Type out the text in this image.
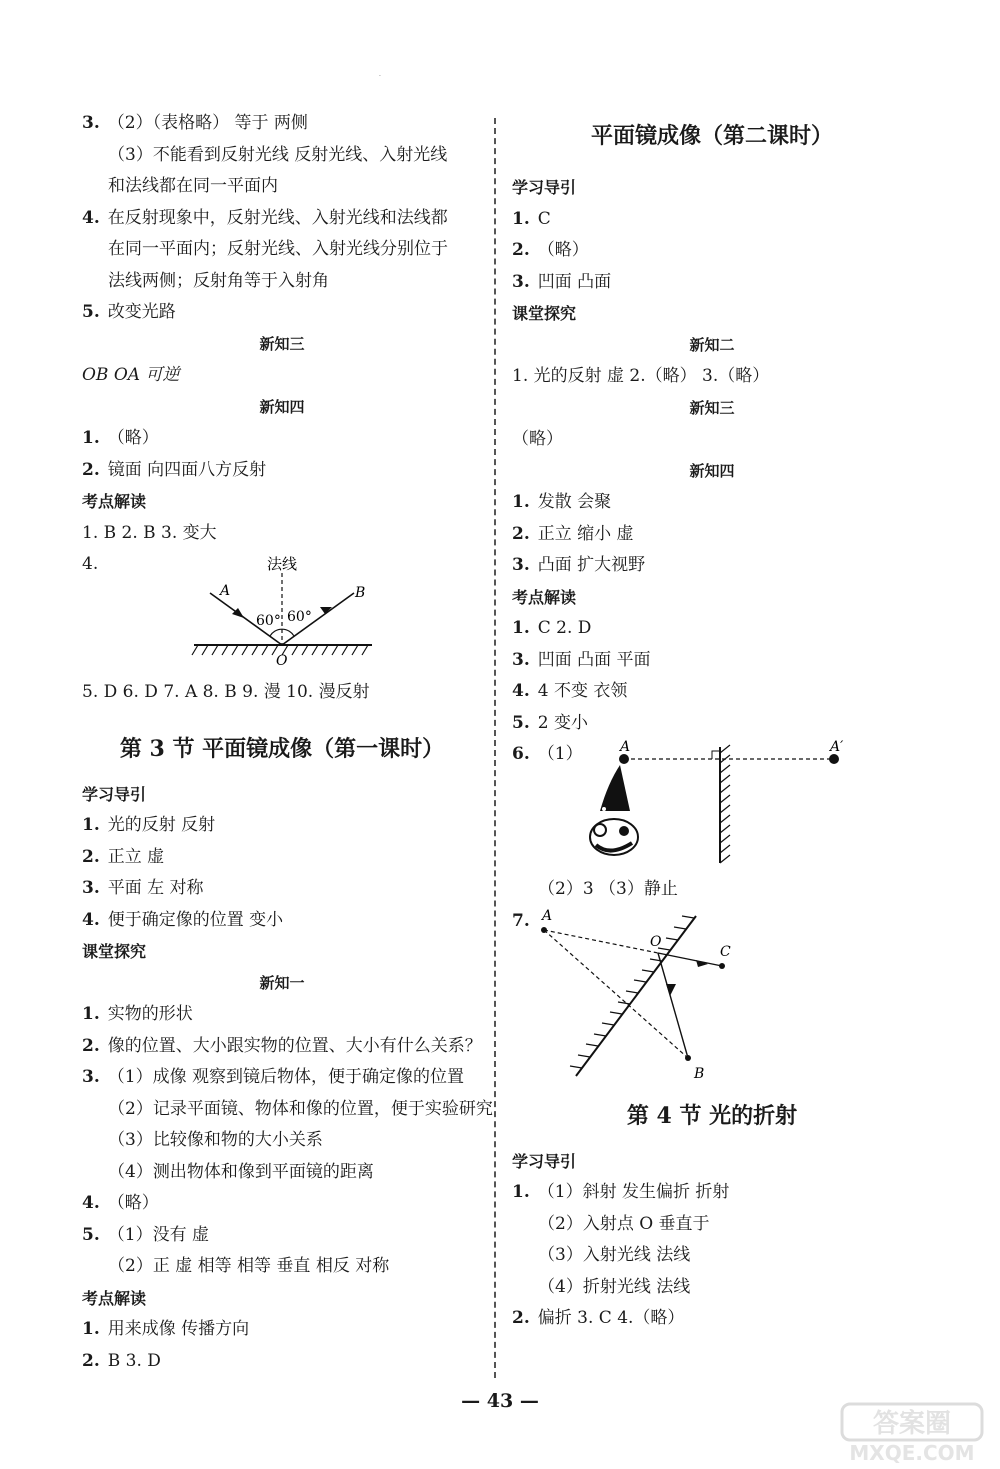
·
3. （2）（表格略） 等于 两侧
（3）不能看到反射光线 反射光线、入射光线
和法线都在同一平面内
4. 在反射现象中，反射光线、入射光线和法线都
在同一平面内；反射光线、入射光线分别位于
法线两侧；反射角等于入射角
5. 改变光路
新知三
OB OA 可逆
新知四
1. （略）
2. 镜面 向四面八方反射
考点解读
1. B 2. B 3. 变大
4.	法线
A	B
O
60° 60°
5. D 6. D 7. A 8. B 9. 漫 10. 漫反射
第 3 节 平面镜成像（第一课时）
学习导引
1. 光的反射 反射
2. 正立 虚
3. 平面 左 对称
4. 便于确定像的位置 变小
课堂探究
新知一
1. 实物的形状
2. 像的位置、大小跟实物的位置、大小有什么关系？
3. （1）成像 观察到镜后物体，便于确定像的位置
（2）记录平面镜、物体和像的位置，便于实验研究
（3）比较像和物的大小关系
（4）测出物体和像到平面镜的距离
4. （略）
5. （1）没有 虚
（2）正 虚 相等 相等 垂直 相反 对称
考点解读
1. 用来成像 传播方向
2. B 3. D
平面镜成像（第二课时）
学习导引
1. C
2. （略）
3. 凹面 凸面
课堂探究
新知二
1. 光的反射 虚 2.（略） 3.（略）
新知三
（略）
新知四
1. 发散 会聚
2. 正立 缩小 虚
3. 凸面 扩大视野
考点解读
1. C 2. D
3. 凹面 凸面 平面
4. 4 不变 衣领
5. 2 变小
6. （1）	A	A′
（2）3 （3）静止
7. A
B
C
O
第 4 节 光的折射
学习导引
1. （1）斜射 发生偏折 折射
（2）入射点 O 垂直于
（3）入射光线 法线
（4）折射光线 法线
2. 偏折 3. C 4.（略）
— 43 —
答案圈
MXQE.COM
